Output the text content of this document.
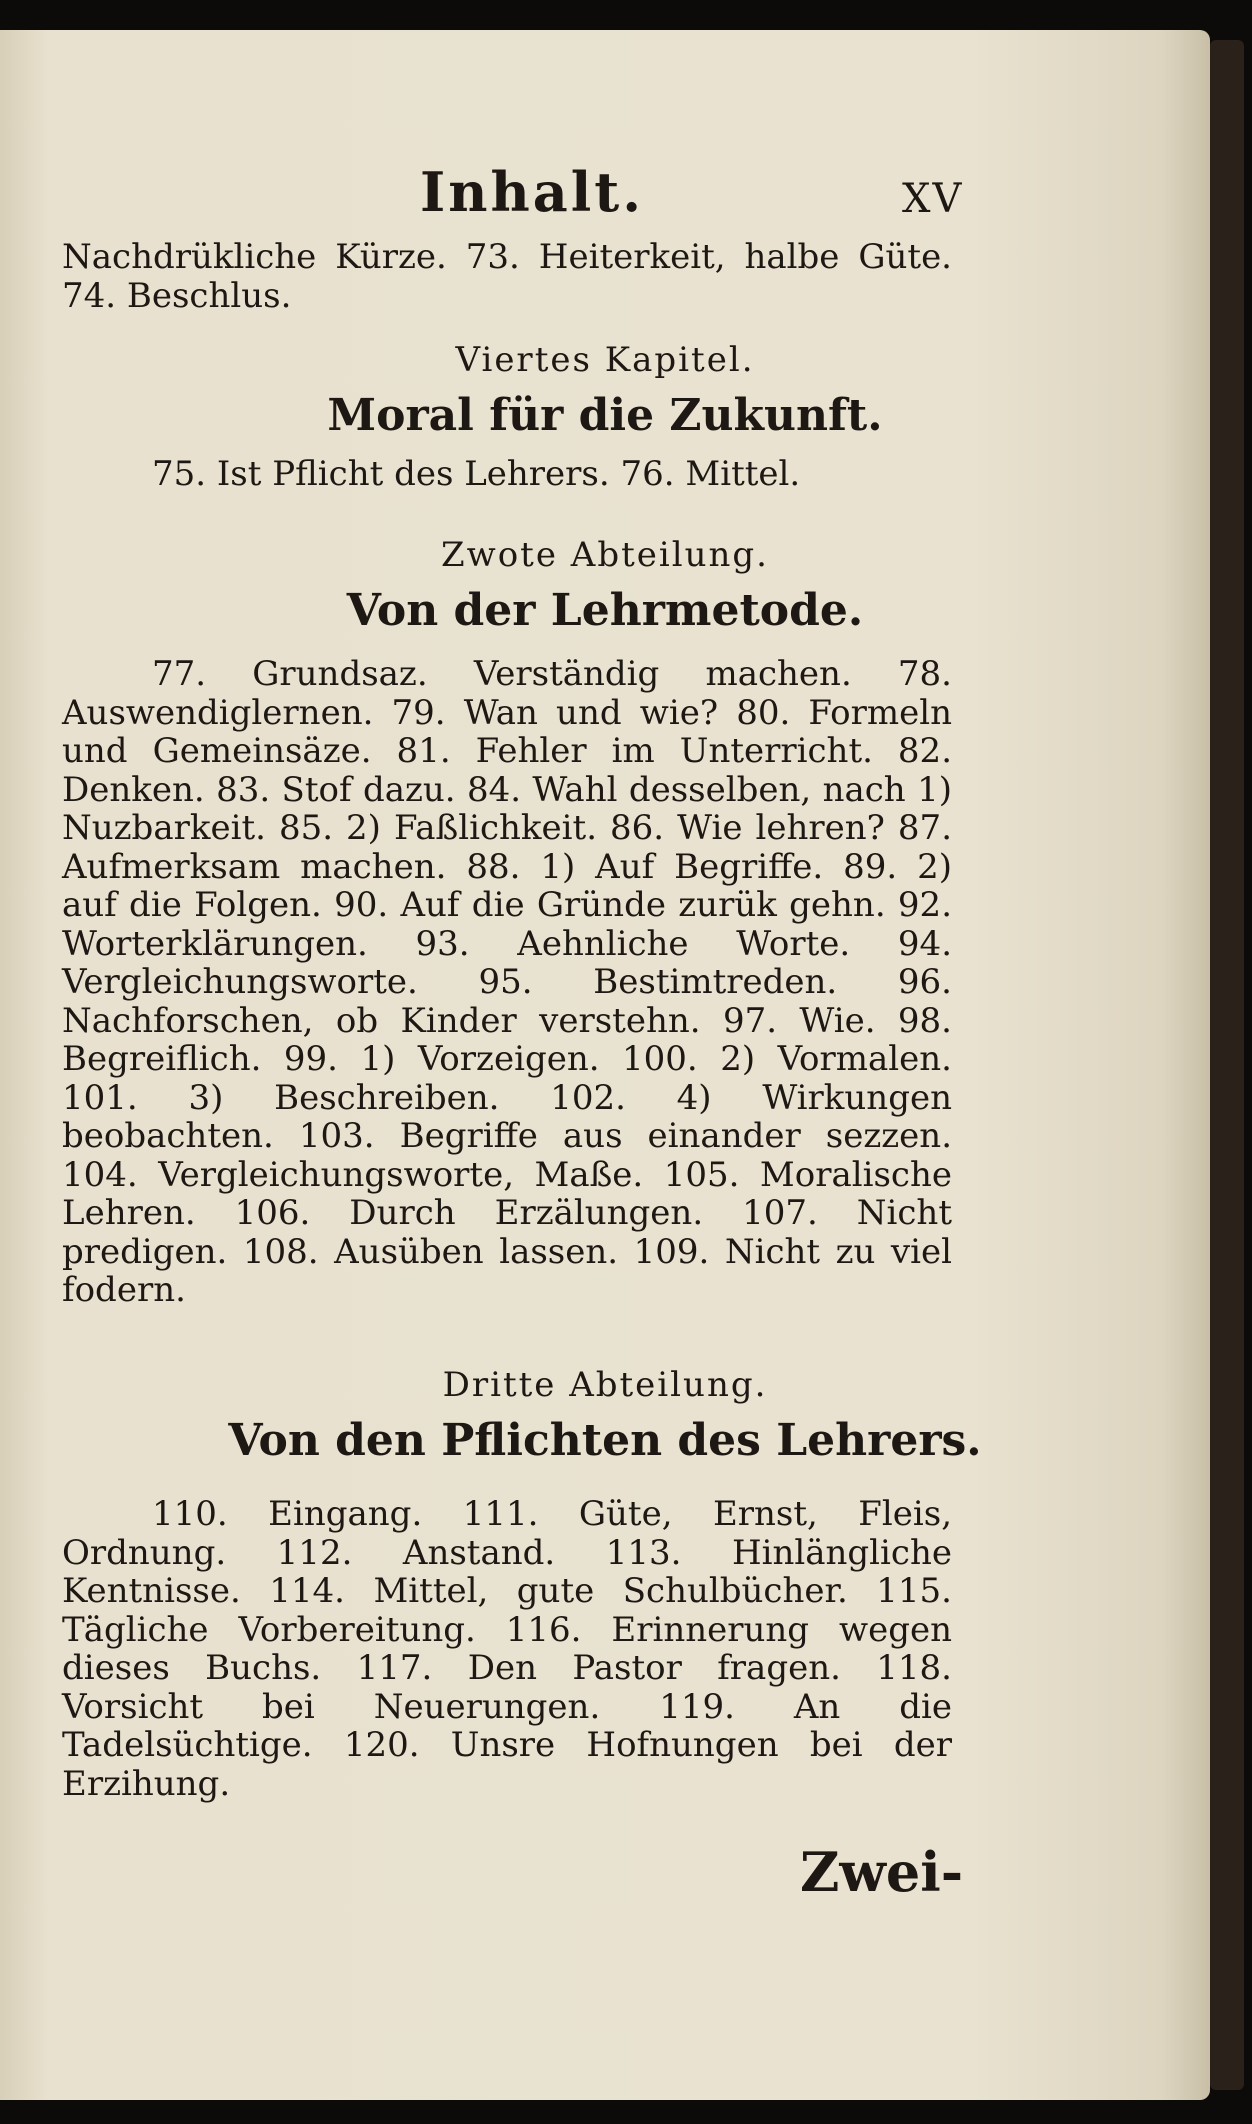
Inhalt.	XV
Nachdrükliche Kürze. 73. Heiterkeit, halbe Güte. 74. Beschlus.
Viertes Kapitel.
Moral für die Zukunft.
75. Ist Pflicht des Lehrers. 76. Mittel.
Zwote Abteilung.
Von der Lehrmetode.
77. Grundsaz. Verständig machen. 78. Auswendiglernen. 79. Wan und wie? 80. Formeln und Gemeinsäze. 81. Fehler im Unterricht. 82. Denken. 83. Stof dazu. 84. Wahl desselben, nach 1) Nuzbarkeit. 85. 2) Faßlichkeit. 86. Wie lehren? 87. Aufmerksam machen. 88. 1) Auf Begriffe. 89. 2) auf die Folgen. 90. Auf die Gründe zurük gehn. 92. Worterklärungen. 93. Aehnliche Worte. 94. Vergleichungsworte. 95. Bestimtreden. 96. Nachforschen, ob Kinder verstehn. 97. Wie. 98. Begreiflich. 99. 1) Vorzeigen. 100. 2) Vormalen. 101. 3) Beschreiben. 102. 4) Wirkungen beobachten. 103. Begriffe aus einander sezzen. 104. Vergleichungsworte, Maße. 105. Moralische Lehren. 106. Durch Erzälungen. 107. Nicht predigen. 108. Ausüben lassen. 109. Nicht zu viel fodern.
Dritte Abteilung.
Von den Pflichten des Lehrers.
110. Eingang. 111. Güte, Ernst, Fleis, Ordnung. 112. Anstand. 113. Hinlängliche Kentnisse. 114. Mittel, gute Schulbücher. 115. Tägliche Vorbereitung. 116. Erinnerung wegen dieses Buchs. 117. Den Pastor fragen. 118. Vorsicht bei Neuerungen. 119. An die Tadelsüchtige. 120. Unsre Hofnungen bei der Erzihung.
Zwei-
